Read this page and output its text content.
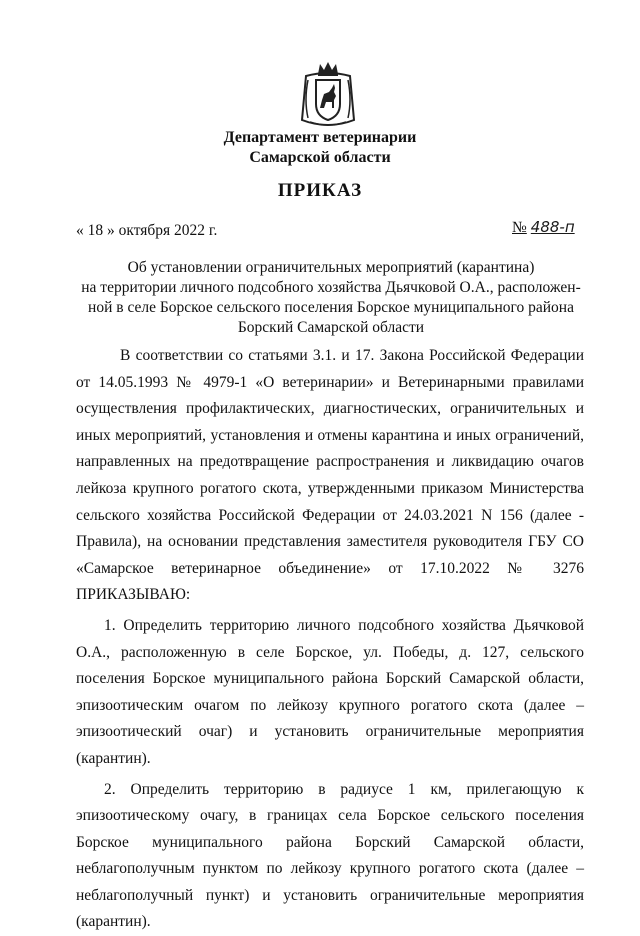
Департамент ветеринарии
Самарской области
ПРИКАЗ
« 18 » октября 2022 г.	№ 488-п
Об установлении ограничительных мероприятий (карантина)
на территории личного подсобного хозяйства Дьячковой О.А., расположен-
ной в селе Борское сельского поселения Борское муниципального района
Борский Самарской области

В соответствии со статьями 3.1. и 17. Закона Российской Федерации от 14.05.1993 № 4979-1 «О ветеринарии» и Ветеринарными правилами осуществления профилактических, диагностических, ограничительных и иных мероприятий, установления и отмены карантина и иных ограничений, направленных на предотвращение распространения и ликвидацию очагов лейкоза крупного рогатого скота, утвержденными приказом Министерства сельского хозяйства Российской Федерации от 24.03.2021 N 156 (далее - Правила), на основании представления заместителя руководителя ГБУ СО «Самарское ветеринарное объединение» от 17.10.2022 № 3276 ПРИКАЗЫВАЮ:

1. Определить территорию личного подсобного хозяйства Дьячковой О.А., расположенную в селе Борское, ул. Победы, д. 127, сельского поселения Борское муниципального района Борский Самарской области, эпизоотическим очагом по лейкозу крупного рогатого скота (далее – эпизоотический очаг) и установить ограничительные мероприятия (карантин).

2. Определить территорию в радиусе 1 км, прилегающую к эпизоотическому очагу, в границах села Борское сельского поселения Борское муниципального района Борский Самарской области, неблагополучным пунктом по лейкозу крупного рогатого скота (далее – неблагополучный пункт) и установить ограничительные мероприятия (карантин).
